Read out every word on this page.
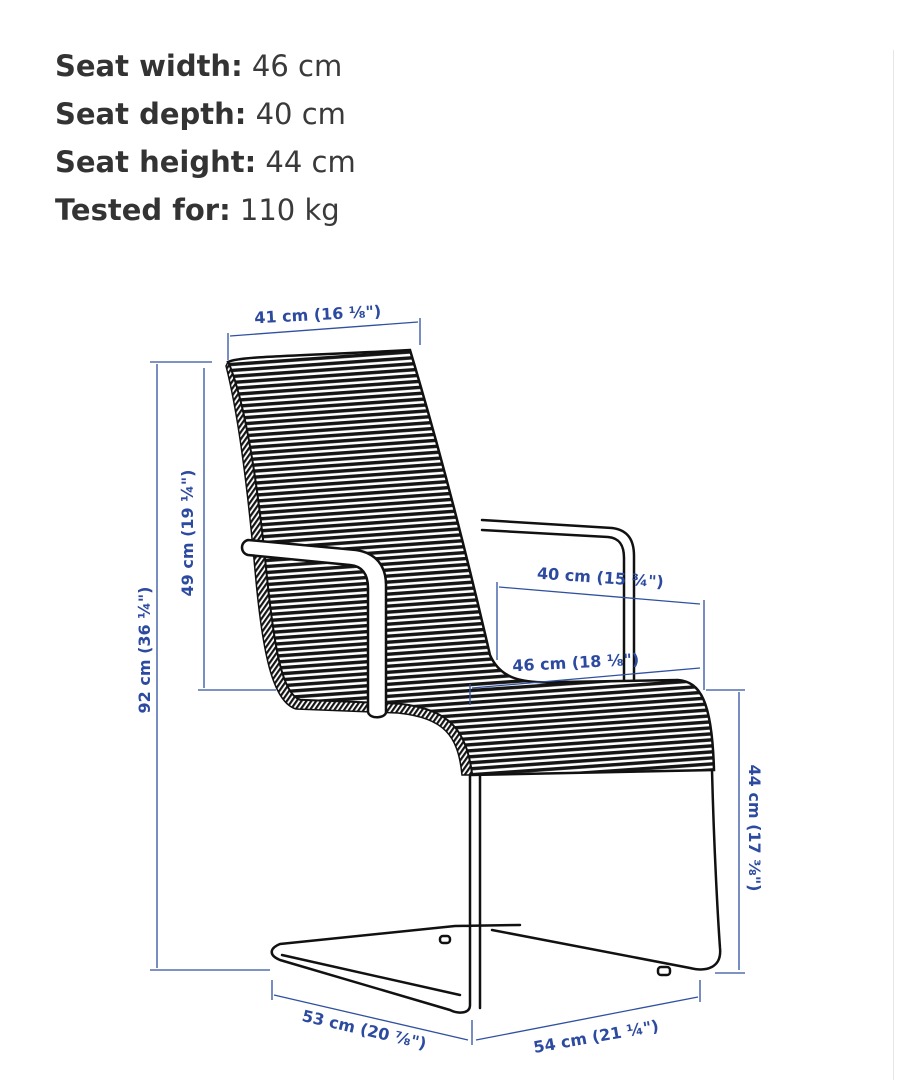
Seat width: 46 cm
Seat depth: 40 cm
Seat height: 44 cm
Tested for: 110 kg
41 cm (16 ⅛")
92 cm (36 ¼")
49 cm (19 ¼")	40 cm (15 ¾")
46 cm (18 ⅛")
44 cm (17 ⅜")
53 cm (20 ⅞")	54 cm (21 ¼")
